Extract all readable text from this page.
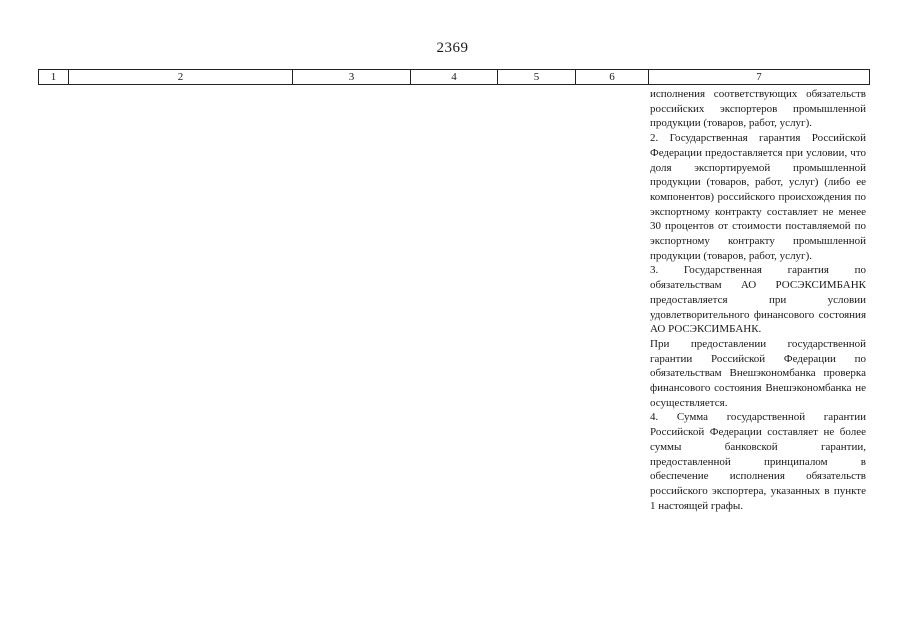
2369
1	2	3	4	5	6	7

исполнения соответствующих обязательств российских экспортеров промышленной продукции (товаров, работ, услуг).

2. Государственная гарантия Российской Федерации предоставляется при условии, что доля экспортируемой промышленной продукции (товаров, работ, услуг) (либо ее компонентов) российского происхождения по экспортному контракту составляет не менее 30 процентов от стоимости поставляемой по экспортному контракту промышленной продукции (товаров, работ, услуг).

3. Государственная гарантия по обязательствам АО РОСЭКСИМБАНК предоставляется при условии удовлетворительного финансового состояния АО РОСЭКСИМБАНК.

При предоставлении государственной гарантии Российской Федерации по обязательствам Внешэкономбанка проверка финансового состояния Внешэкономбанка не осуществляется.

4. Сумма государственной гарантии Российской Федерации составляет не более суммы банковской гарантии, предоставленной принципалом в обеспечение исполнения обязательств российского экспортера, указанных в пункте 1 настоящей графы.
